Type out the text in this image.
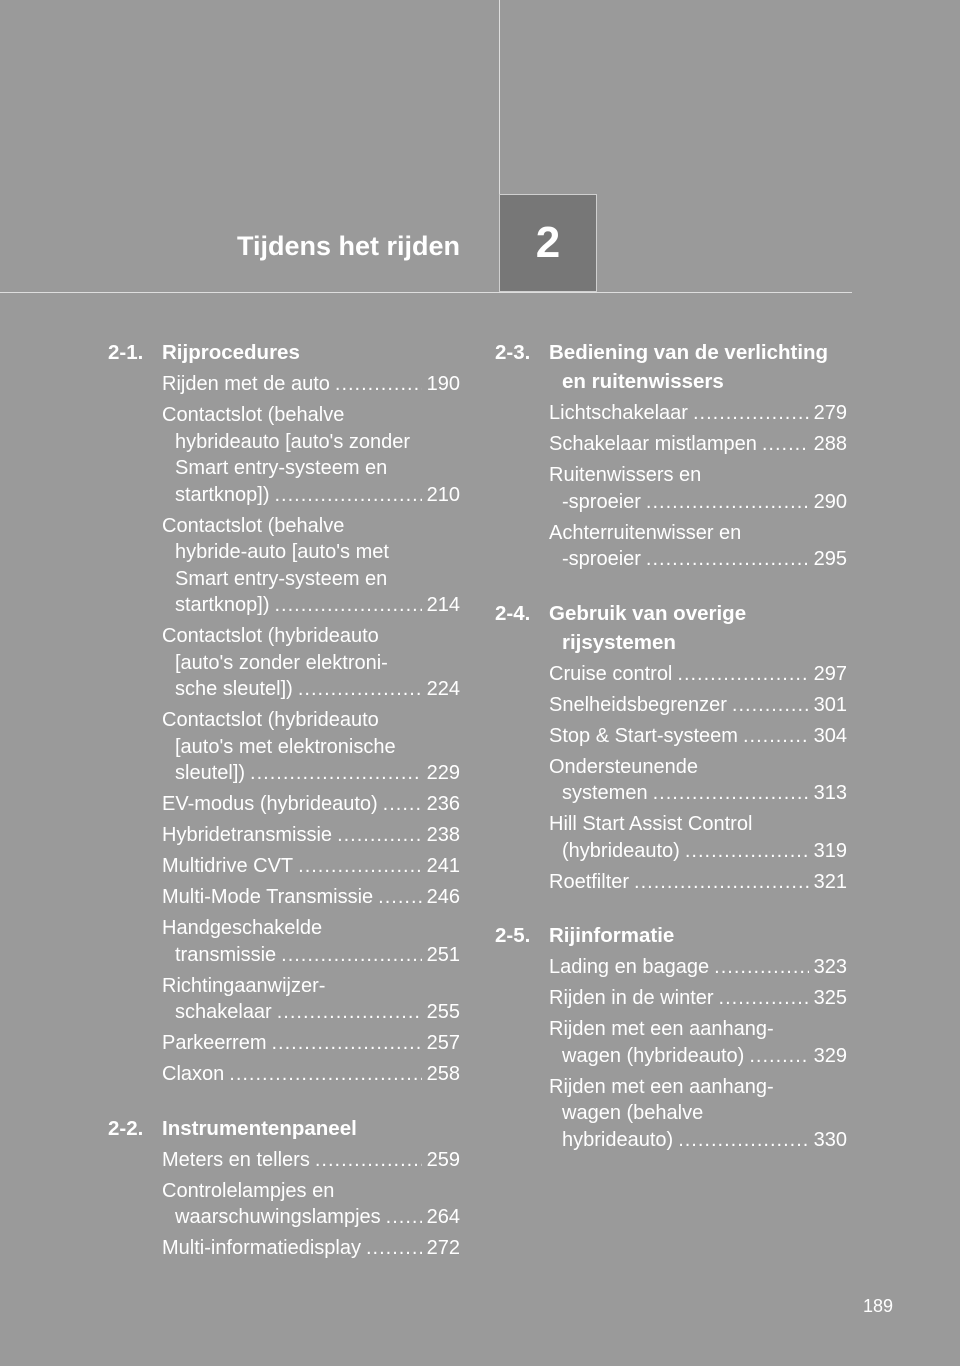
Tijdens het rijden 2
2-1. Rijprocedures
Rijden met de auto .....	190
Contactslot (behalve
hybrideauto [auto's zonder
Smart entry-systeem en
startknop]) .....	210
Contactslot (behalve
hybride-auto [auto's met
Smart entry-systeem en
startknop]) .....	214
Contactslot (hybrideauto
[auto's zonder elektroni-
sche sleutel]) .....	224
Contactslot (hybrideauto
[auto's met elektronische
sleutel]) .....	229
EV-modus (hybrideauto) ..... 236
Hybridetransmissie .....	238
Multidrive CVT .....	241
Multi-Mode Transmissie .....	246
Handgeschakelde
transmissie .....	251
Richtingaanwijzer-
schakelaar .....	255
Parkeerrem .....	257
Claxon .....	258
2-2. Instrumentenpaneel
Meters en tellers .....	259
Controlelampjes en
waarschuwingslampjes ..... 264
Multi-informatiedisplay .....	272
2-3. Bediening van de verlichting
en ruitenwissers
Lichtschakelaar .....	279
Schakelaar mistlampen .....	288
Ruitenwissers en
-sproeier .....	290
Achterruitenwisser en
-sproeier .....	295
2-4. Gebruik van overige
rijsystemen
Cruise control .....	297
Snelheidsbegrenzer .....	301
Stop & Start-systeem .....	304
Ondersteunende
systemen .....	313
Hill Start Assist Control
(hybrideauto) .....	319
Roetfilter .....	321
2-5. Rijinformatie
Lading en bagage .....	323
Rijden in de winter .....	325
Rijden met een aanhang-
wagen (hybrideauto) .....	329
Rijden met een aanhang-
wagen (behalve
hybrideauto) .....	330
189
